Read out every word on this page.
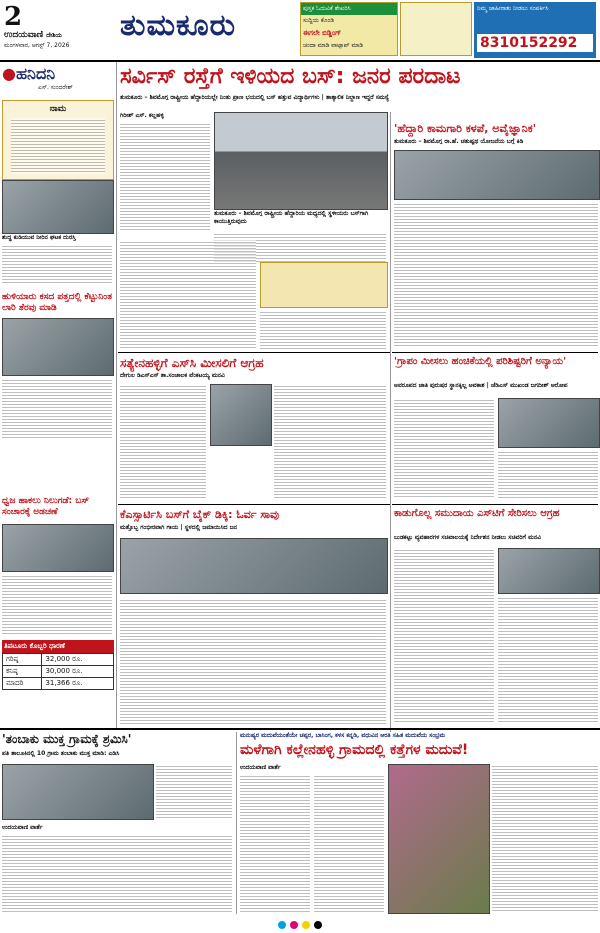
2
ಉದಯವಾಣಿ ದೇಶಿಯ
ಮಂಗಳವಾರ, ಆಗಸ್ಟ್ 7, 2026
ತುಮಕೂರು	ಪುಸ್ತಕ ಓದುವಿಕೆ ಶೇಖರಿಸಿ
ಸುದ್ದಿಯ ಕೊಂಡಿ
ಈಗಲೇ ಬಿಡ್ಡಿಂಗ್
ಚಂದಾ ಮಾಡಿ ವಾಟ್ಸಾಪ್ ಮಾಡಿ
ನಿಮ್ಮ ಜಾಹೀರಾತು ನೀಡಲು ಸಂಪರ್ಕಿಸಿ
8310152292
●ಹನಿದನಿ
ಎಸ್. ಸುಂದರೇಶ್
ನಾಮ
ಶುದ್ಧ ಕುಡಿಯುವ ನೀರಿನ ಘಟಕ ದುರಸ್ತಿ
ಹುಳಿಯಾರು ಕಸದ ಪತ್ತದಲ್ಲಿ ಕೆಟ್ಟುನಿಂತ ಲಾರಿ ತೆರವು ಮಾಡಿ
ಧ್ವಜ ಹಾಕಲು ನಿಲುಗಡೆ: ಬಸ್ ಸಂಚಾರಕ್ಕೆ ಅಡಚಣೆ
ತಿಪಟೂರು ಕೊಬ್ಬರಿ ಧಾರಣೆ
ಗರಿಷ್ಠ	32,000 ರೂ.
ಕನಿಷ್ಠ	30,000 ರೂ.
ಮಾದರಿ	31,366 ರೂ.
ಸರ್ವಿಸ್ ರಸ್ತೆಗೆ ಇಳಿಯದ ಬಸ್: ಜನರ ಪರದಾಟ
ತುಮಕೂರು – ಶಿವಮೊಗ್ಗ ರಾಷ್ಟ್ರೀಯ ಹೆದ್ದಾರಿಯಲ್ಲೇ ನಿಂತು ಪ್ರಾಣ ಭಯದಲ್ಲಿ ಬಸ್ ಹತ್ತುವ ವಿದ್ಯಾರ್ಥಿಗಳು | ತಾತ್ಕಾಲಿಕ ನಿಲ್ದಾಣ ಇದ್ದರೆ ಸಮಸ್ಯೆ
ಗಿರೀಶ್ ಎಸ್. ಕಲ್ಲಹಳ್ಳಿ
ತುಮಕೂರು – ಶಿವಮೊಗ್ಗ ರಾಷ್ಟ್ರೀಯ ಹೆದ್ದಾರಿಯ ಮಧ್ಯದಲ್ಲಿ ಸ್ಥಳೀಯರು ಬಸ್‌ಗಾಗಿ ಕಾಯುತ್ತಿರುವುದು
'ಹೆದ್ದಾರಿ ಕಾಮಗಾರಿ ಕಳಪೆ, ಅವೈಜ್ಞಾನಿಕ'
ತುಮಕೂರು – ಶಿವಮೊಗ್ಗ ರಾ.ಹೆ. ಚತುಷ್ಪಥ ಯೋಜನೆಯ ಬಗ್ಗೆ ಕಿಡಿ
ಸತ್ಯೇನಹಳ್ಳಿಗೆ ಎಸ್‌ಸಿ ಮೀಸಲಿಗೆ ಆಗ್ರಹ
ದೇಗುಲ ಡಿಎಸ್‌ಎಸ್ ತಾ.ಸಂಚಾಲಕ ವೆಂಕಟಯ್ಯ ಮನವಿ
'ಗ್ರಾಪಂ ಮೀಸಲು ಹಂಚಿಕೆಯಲ್ಲಿ ಪರಿಶಿಷ್ಟರಿಗೆ ಅನ್ಯಾಯ'
ಅವರೂಪದ ಜಾತಿ ಪುರುಷರ ಸ್ಥಾನಕ್ಕಿಲ್ಲ ಅವಕಾಶ | ಜೆಡಿಎಸ್ ಮುಖಂಡ ಜಗದೀಶ್ ಆರೋಪ
ಕೆಎಸ್ಸಾರ್ಟಿಸಿ ಬಸ್‌ಗೆ ಬೈಕ್ ಡಿಕ್ಕಿ: ಓರ್ವ ಸಾವು
ಮತ್ತೊಬ್ಬ ಗಂಭೀರವಾಗಿ ಗಾಯ | ಸ್ಥಳದಲ್ಲಿ ಜಮಾಯಿಸಿದ ಜನ
ಕಾಡುಗೊಲ್ಲ ಸಮುದಾಯ ಎಸ್‌ಟಿಗೆ ಸೇರಿಸಲು ಆಗ್ರಹ
ಬುಡಕಟ್ಟು ವ್ಯವಹಾರಗಳ ಸಚಿವಾಲಯಕ್ಕೆ ನಿರ್ದೇಶನ ನೀಡಲು ಸಚಿವರಿಗೆ ಮನವಿ
'ತಂಬಾಕು ಮುಕ್ತ ಗ್ರಾಮಕ್ಕೆ ಶ್ರಮಿಸಿ'
ಪತಿ ತಾಲೂಕಿನಲ್ಲಿ 10 ಗ್ರಾಮ ತಂಬಾಕು ಮುಕ್ತ ಮಾಡಿ: ಎಡಿಸಿ
ಉದಯವಾಣಿ ವಾರ್ತೆ
ಮನುಷ್ಯರ ಮದುವೆಯಂತೆಯೇ ಚಪ್ಪರ, ಬಾಸಿಂಗ, ಕಳಸ ಕನ್ನಡಿ, ವಧುವಿನ ಆರತಿ ಸಹಿತ ಮದುವೆಯ ಸಂಭ್ರಮ
ಮಳೆಗಾಗಿ ಕಲ್ಲೇನಹಳ್ಳಿ ಗ್ರಾಮದಲ್ಲಿ ಕತ್ತೆಗಳ ಮದುವೆ!
ಉದಯವಾಣಿ ವಾರ್ತೆ
